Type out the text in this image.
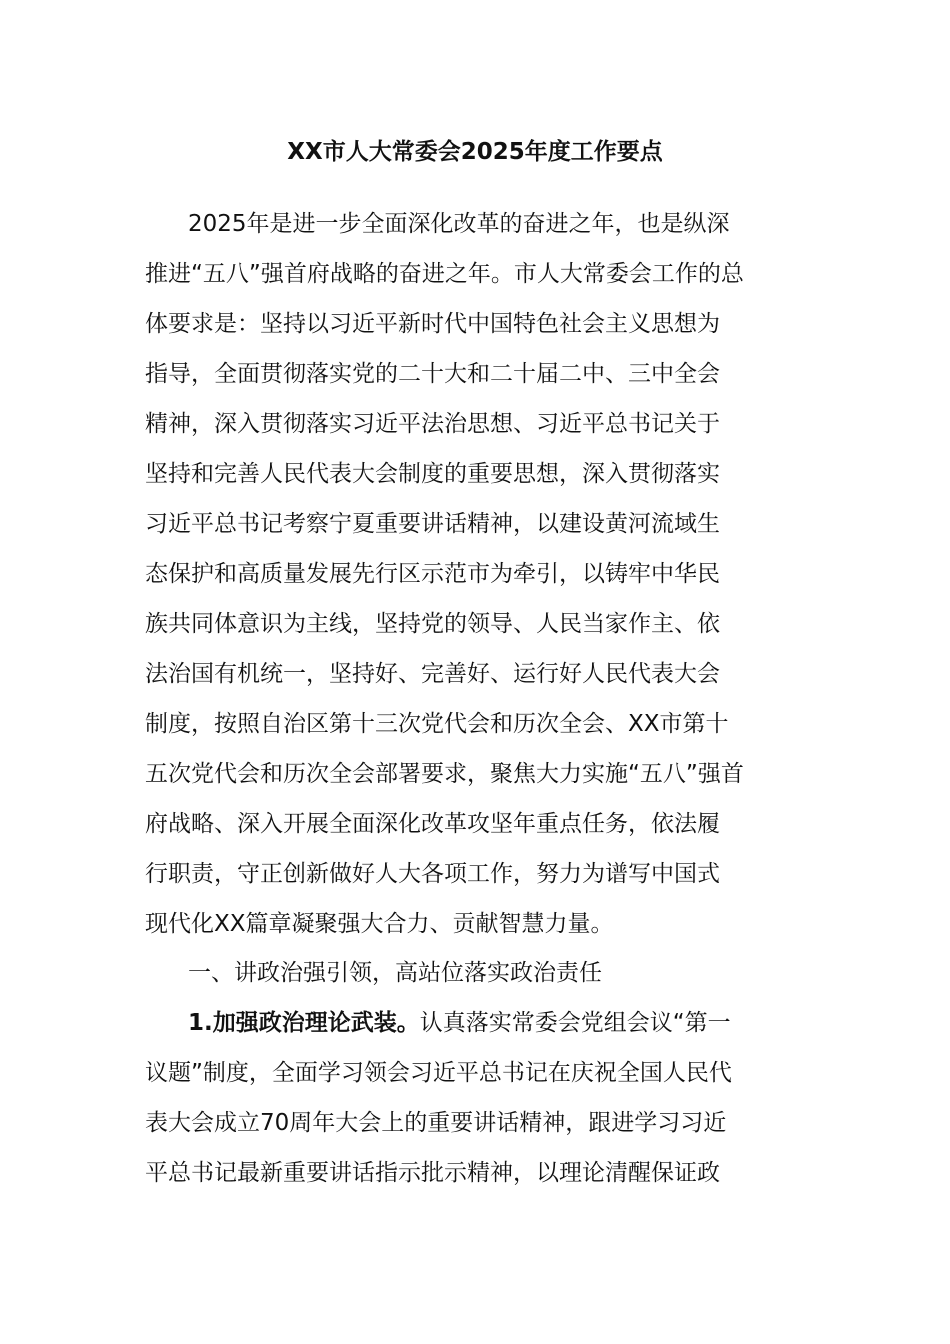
XX市人大常委会2025年度工作要点
2025年是进一步全面深化改革的奋进之年，也是纵深
推进“五八”强首府战略的奋进之年。市人大常委会工作的总
体要求是：坚持以习近平新时代中国特色社会主义思想为
指导，全面贯彻落实党的二十大和二十届二中、三中全会
精神，深入贯彻落实习近平法治思想、习近平总书记关于
坚持和完善人民代表大会制度的重要思想，深入贯彻落实
习近平总书记考察宁夏重要讲话精神，以建设黄河流域生
态保护和高质量发展先行区示范市为牵引，以铸牢中华民
族共同体意识为主线，坚持党的领导、人民当家作主、依
法治国有机统一，坚持好、完善好、运行好人民代表大会
制度，按照自治区第十三次党代会和历次全会、XX市第十
五次党代会和历次全会部署要求，聚焦大力实施“五八”强首
府战略、深入开展全面深化改革攻坚年重点任务，依法履
行职责，守正创新做好人大各项工作，努力为谱写中国式
现代化XX篇章凝聚强大合力、贡献智慧力量。
一、讲政治强引领，高站位落实政治责任
1.加强政治理论武装。认真落实常委会党组会议“第一
议题”制度，全面学习领会习近平总书记在庆祝全国人民代
表大会成立70周年大会上的重要讲话精神，跟进学习习近
平总书记最新重要讲话指示批示精神，以理论清醒保证政
